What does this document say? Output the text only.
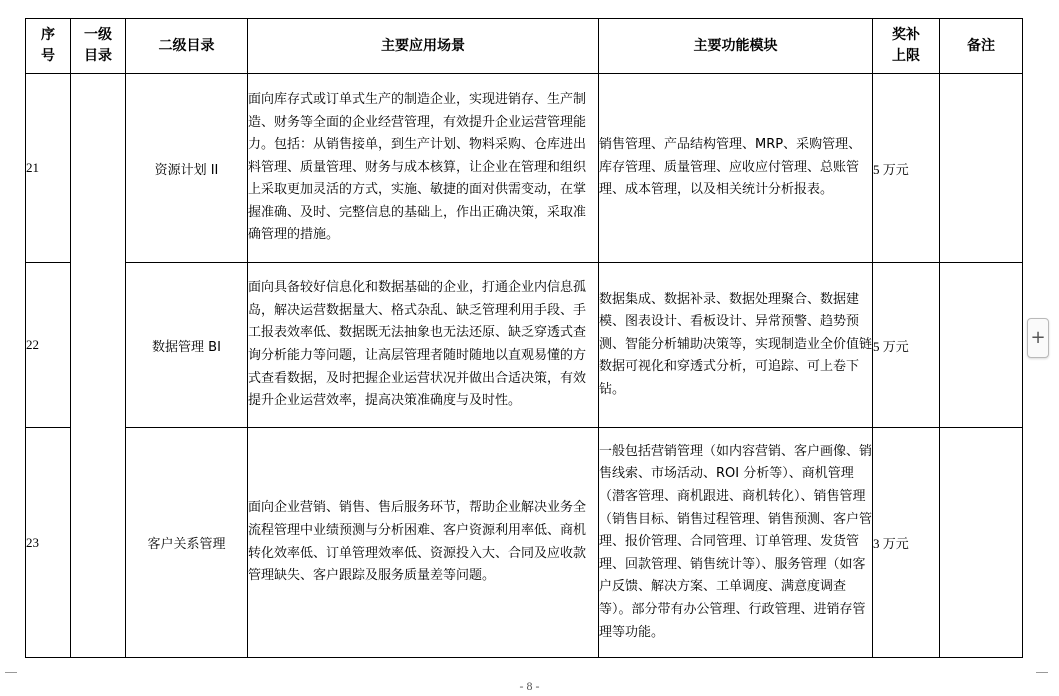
序号	一级目录	二级目录	主要应用场景	主要功能模块	奖补上限	备注
21		资源计划 II	面向库存式或订单式生产的制造企业，实现进销存、生产制造、财务等全面的企业经营管理，有效提升企业运营管理能力。包括：从销售接单，到生产计划、物料采购、仓库进出料管理、质量管理、财务与成本核算，让企业在管理和组织上采取更加灵活的方式，实施、敏捷的面对供需变动，在掌握准确、及时、完整信息的基础上，作出正确决策，采取准确管理的措施。	销售管理、产品结构管理、MRP、采购管理、库存管理、质量管理、应收应付管理、总账管理、成本管理，以及相关统计分析报表。	5 万元	
22		数据管理 BI	面向具备较好信息化和数据基础的企业，打通企业内信息孤岛，解决运营数据量大、格式杂乱、缺乏管理利用手段、手工报表效率低、数据既无法抽象也无法还原、缺乏穿透式查询分析能力等问题，让高层管理者随时随地以直观易懂的方式查看数据，及时把握企业运营状况并做出合适决策，有效提升企业运营效率，提高决策准确度与及时性。	数据集成、数据补录、数据处理聚合、数据建模、图表设计、看板设计、异常预警、趋势预测、智能分析辅助决策等，实现制造业全价值链数据可视化和穿透式分析，可追踪、可上卷下钻。	5 万元	
23		客户关系管理	面向企业营销、销售、售后服务环节，帮助企业解决业务全流程管理中业绩预测与分析困难、客户资源利用率低、商机转化效率低、订单管理效率低、资源投入大、合同及应收款管理缺失、客户跟踪及服务质量差等问题。	一般包括营销管理（如内容营销、客户画像、销售线索、市场活动、ROI 分析等）、商机管理（潜客管理、商机跟进、商机转化）、销售管理（销售目标、销售过程管理、销售预测、客户管理、报价管理、合同管理、订单管理、发货管理、回款管理、销售统计等）、服务管理（如客户反馈、解决方案、工单调度、满意度调查等）。部分带有办公管理、行政管理、进销存管理等功能。	3 万元	
+
- 8 -
